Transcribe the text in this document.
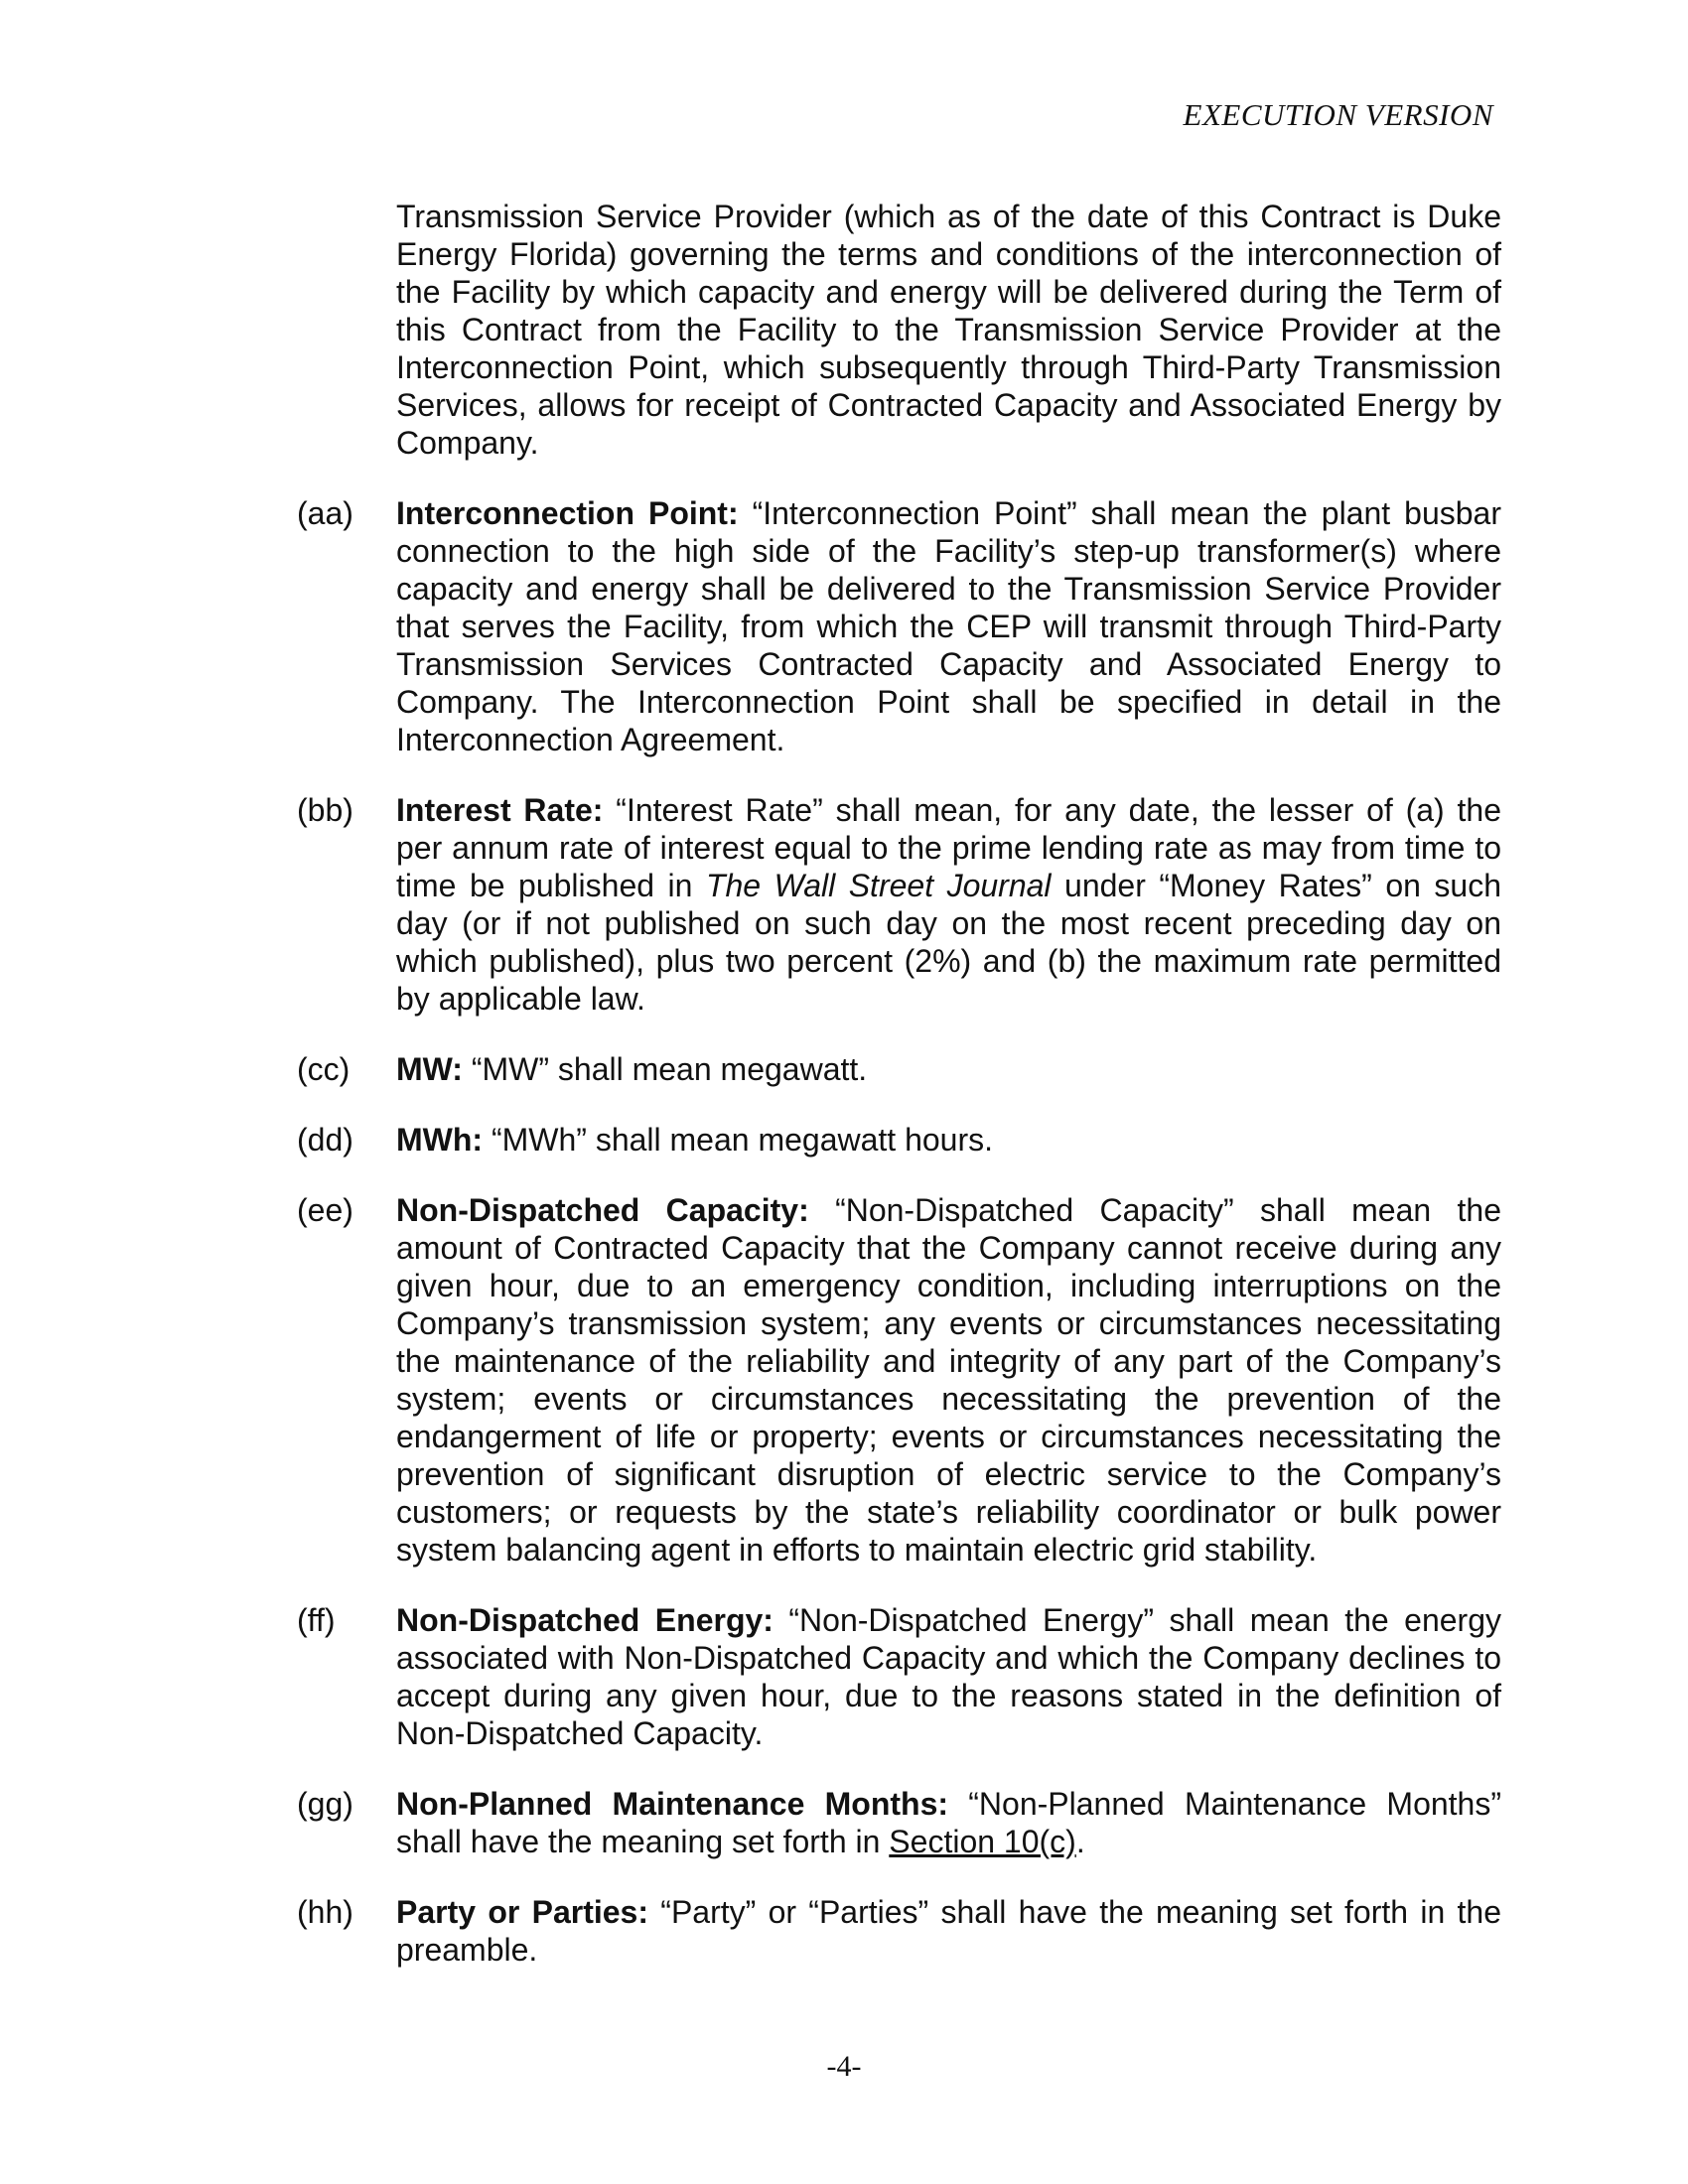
EXECUTION VERSION
Transmission Service Provider (which as of the date of this Contract is Duke Energy Florida) governing the terms and conditions of the interconnection of the Facility by which capacity and energy will be delivered during the Term of this Contract from the Facility to the Transmission Service Provider at the Interconnection Point, which subsequently through Third-Party Transmission Services, allows for receipt of Contracted Capacity and Associated Energy by Company.
(aa)	Interconnection Point: “Interconnection Point” shall mean the plant busbar connection to the high side of the Facility’s step-up transformer(s) where capacity and energy shall be delivered to the Transmission Service Provider that serves the Facility, from which the CEP will transmit through Third-Party Transmission Services Contracted Capacity and Associated Energy to Company. The Interconnection Point shall be specified in detail in the Interconnection Agreement.
(bb)	Interest Rate: “Interest Rate” shall mean, for any date, the lesser of (a) the per annum rate of interest equal to the prime lending rate as may from time to time be published in The Wall Street Journal under “Money Rates” on such day (or if not published on such day on the most recent preceding day on which published), plus two percent (2%) and (b) the maximum rate permitted by applicable law.
(cc)	MW: “MW” shall mean megawatt.
(dd)	MWh: “MWh” shall mean megawatt hours.
(ee)	Non-Dispatched Capacity: “Non-Dispatched Capacity” shall mean the amount of Contracted Capacity that the Company cannot receive during any given hour, due to an emergency condition, including interruptions on the Company’s transmission system; any events or circumstances necessitating the maintenance of the reliability and integrity of any part of the Company’s system; events or circumstances necessitating the prevention of the endangerment of life or property; events or circumstances necessitating the prevention of significant disruption of electric service to the Company’s customers; or requests by the state’s reliability coordinator or bulk power system balancing agent in efforts to maintain electric grid stability.
(ff)	Non-Dispatched Energy: “Non-Dispatched Energy” shall mean the energy associated with Non-Dispatched Capacity and which the Company declines to accept during any given hour, due to the reasons stated in the definition of Non-Dispatched Capacity.
(gg)	Non-Planned Maintenance Months: “Non-Planned Maintenance Months” shall have the meaning set forth in Section 10(c).
(hh)	Party or Parties: “Party” or “Parties” shall have the meaning set forth in the preamble.
-4-
